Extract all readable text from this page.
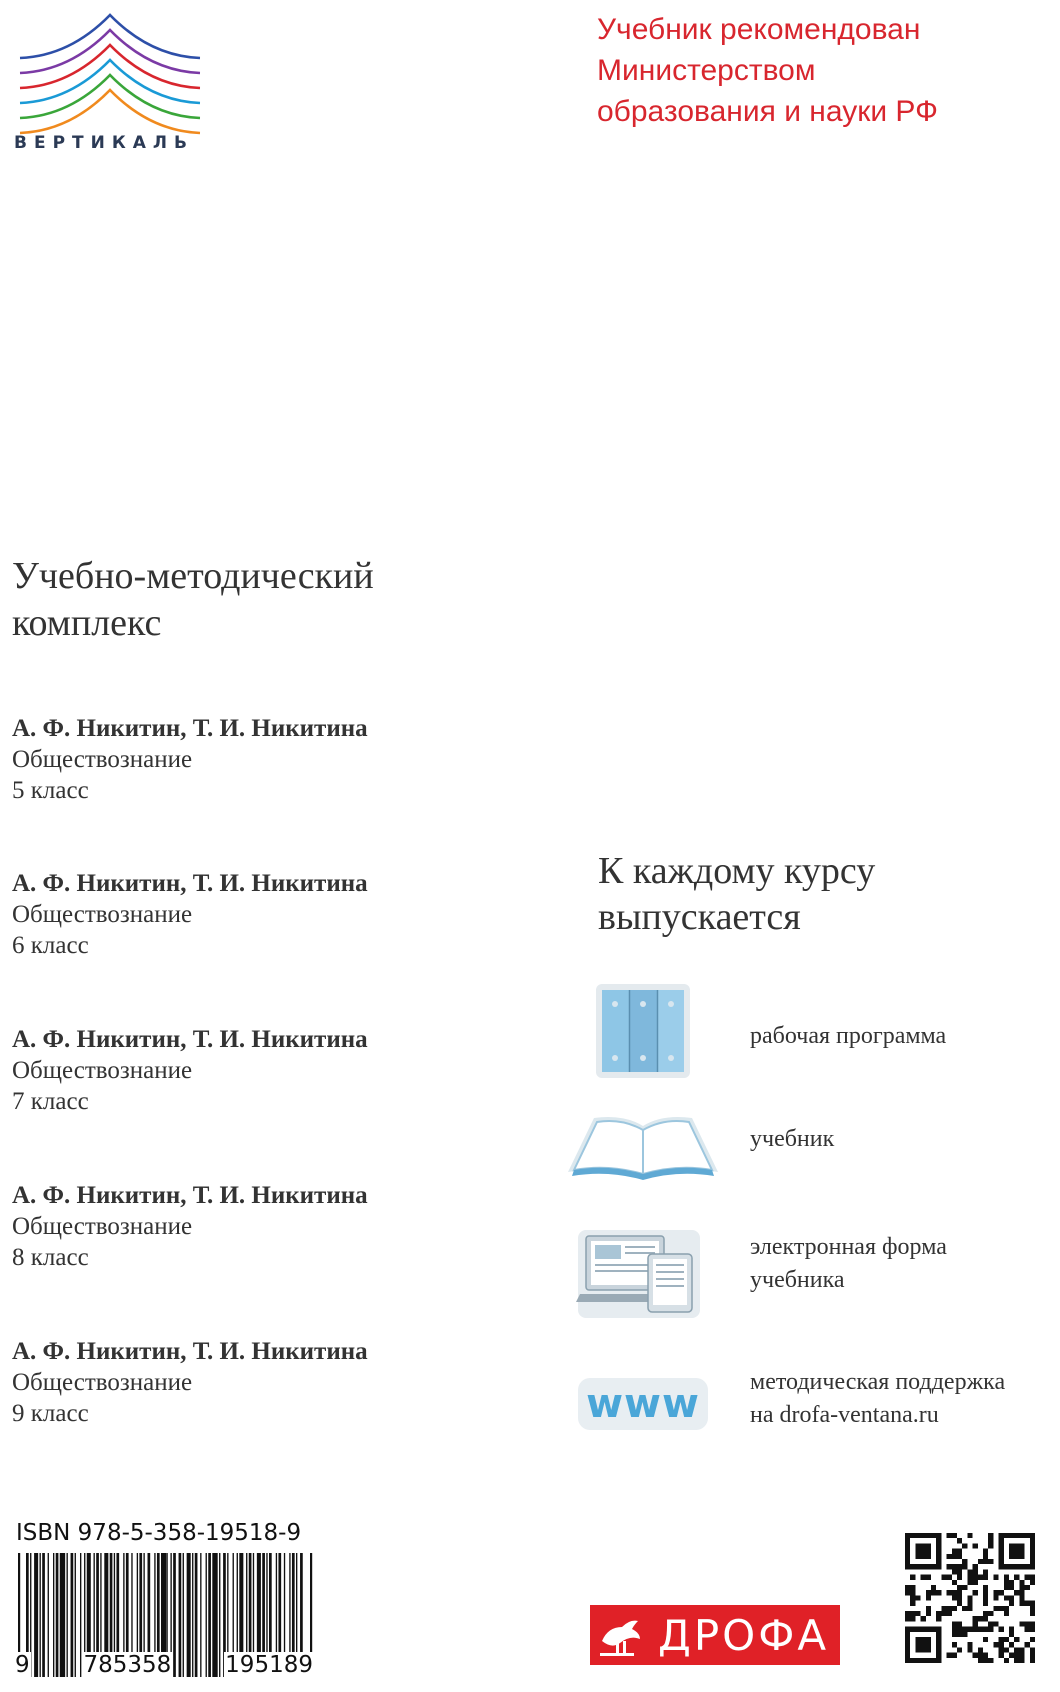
ВЕРТИКАЛЬ
Учебник рекомендован
Министерством
образования и науки РФ
Учебно-методический
комплекс
А. Ф. Никитин, Т. И. Никитина
Обществознание
5 класс
А. Ф. Никитин, Т. И. Никитина
Обществознание
6 класс
А. Ф. Никитин, Т. И. Никитина
Обществознание
7 класс
А. Ф. Никитин, Т. И. Никитина
Обществознание
8 класс
А. Ф. Никитин, Т. И. Никитина
Обществознание
9 класс
К каждому курсу
выпускается
рабочая программа
учебник
электронная форма
учебника
www методическая поддержка
на drofa-ventana.ru
ISBN 978-5-358-19518-9
9 785358 195189
ДРОФА
